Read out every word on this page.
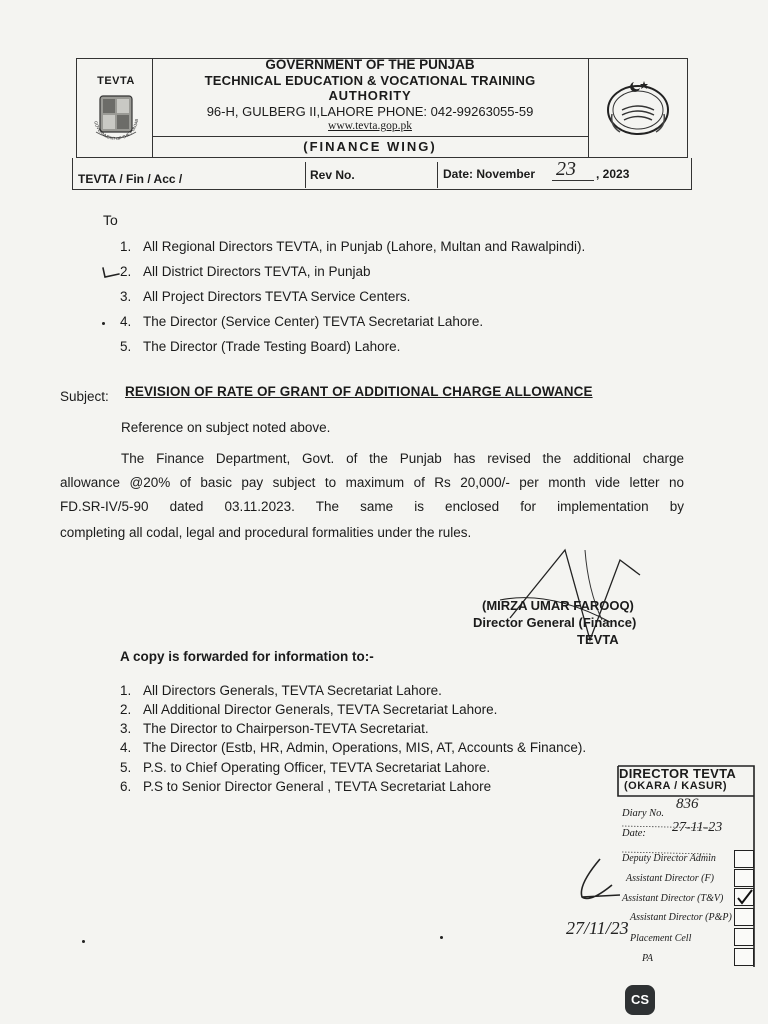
TEVTA
GOVERNMENT OF THE PUNJAB
GOVERNMENT OF THE PUNJAB
TECHNICAL EDUCATION & VOCATIONAL TRAINING
AUTHORITY
96-H, GULBERG II,LAHORE PHONE: 042-99263055-59
www.tevta.gop.pk
(FINANCE WING)
TEVTA / Fin / Acc /	Rev No.	Date: November 23 , 2023
To
1. All Regional Directors TEVTA, in Punjab (Lahore, Multan and Rawalpindi).
2. All District Directors TEVTA, in Punjab
3. All Project Directors TEVTA Service Centers.
4. The Director (Service Center) TEVTA Secretariat Lahore.
5. The Director (Trade Testing Board) Lahore.
Subject: REVISION OF RATE OF GRANT OF ADDITIONAL CHARGE ALLOWANCE
Reference on subject noted above.
The Finance Department, Govt. of the Punjab has revised the additional charge
allowance @20% of basic pay subject to maximum of Rs 20,000/- per month vide letter no
FD.SR-IV/5-90 dated 03.11.2023. The same is enclosed for implementation by
completing all codal, legal and procedural formalities under the rules.
(MIRZA UMAR FAROOQ)
Director General (Finance)
TEVTA
A copy is forwarded for information to:-
1. All Directors Generals, TEVTA Secretariat Lahore.
2. All Additional Director Generals, TEVTA Secretariat Lahore.
3. The Director to Chairperson-TEVTA Secretariat.
4. The Director (Estb, HR, Admin, Operations, MIS, AT, Accounts & Finance).
5. P.S. to Chief Operating Officer, TEVTA Secretariat Lahore.
6. P.S to Senior Director General , TEVTA Secretariat Lahore
DIRECTOR TEVTA
(OKARA / KASUR)
Diary No.
836
Date: 27-11-23
Deputy Director Admin
Assistant Director (F)
Assistant Director (T&V)
Assistant Director (P&P)
Placement Cell
PA
27/11/23
CS
